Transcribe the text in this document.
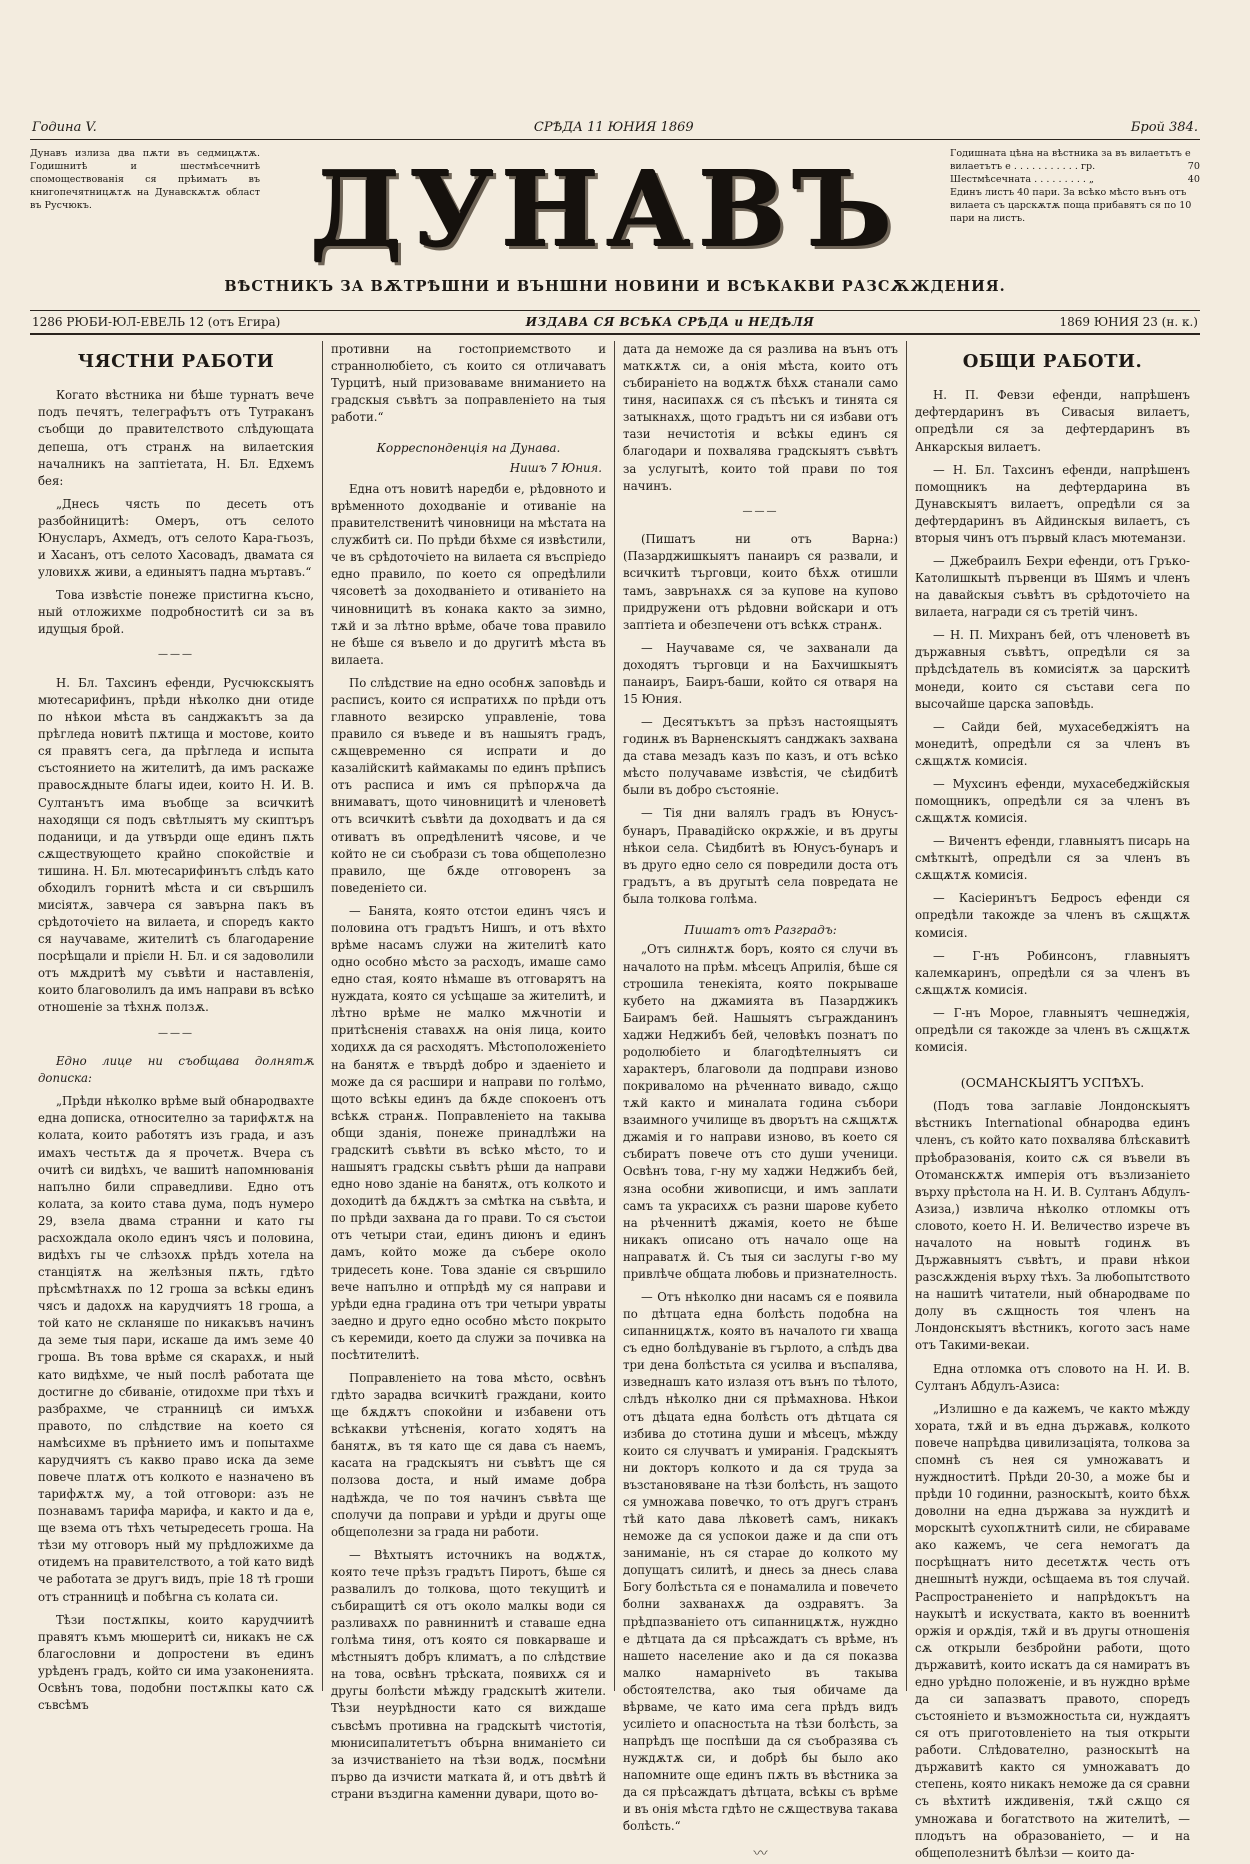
Година V.	СРѢДА 11 ЮНИЯ 1869	Брой 384.
Дунавъ излиза два пѫти въ седмицѫтѫ. Годишнитѣ и шестмѣсечнитѣ спомоществованія ся прѣиматъ въ книгопечятницѫтѫ на Дунавскѫтѫ област въ Русчюкъ.	ДУНАВЪ	Годишната цѣна на вѣстника за въ вилаетътъ е
вилаетътъ е . . . . . . . . . . . гр.	70
Шестмѣсечната . . . . . . . . . „	40
Единъ листъ 40 пари. За всѣко мѣсто вънъ отъ вилаета съ царскѫтѫ поща прибавятъ ся по 10 пари на листъ.
ВѢСТНИКЪ ЗА ВѪТРѢШНИ И ВЪНШНИ НОВИНИ И ВСѢКАКВИ РАЗСѪЖДЕНИЯ.
1286 РЮБИ-ЮЛ-ЕВЕЛЬ 12 (отъ Егира)	ИЗДАВА СЯ ВСѢКА СРѢДА и НЕДѢЛЯ	1869 ЮНИЯ 23 (н. к.)
ЧЯСТНИ РАБОТИ

Когато вѣстника ни бѣше турнатъ вече подъ печятъ, телеграфътъ отъ Тутраканъ съобщи до правителството слѣдующата депеша, отъ странѫ на вилаетския началникъ на заптіетата, Н. Бл. Едхемъ бея:

„Днесь чясть по десеть отъ разбойницитѣ: Омеръ, отъ селото Юнусларъ, Ахмедъ, отъ селото Кара-гьозъ, и Хасанъ, отъ селото Хасовадъ, двамата ся уловихѫ живи, а единыятъ падна мъртавъ.“

Това извѣстіе понеже пристигна късно, ный отложихме подробноститѣ си за въ идущыя брой.

———

Н. Бл. Тахсинъ ефенди, Русчюкскыятъ мютесарифинъ, прѣди нѣколко дни отиде по нѣкои мѣста въ санджакътъ за да прѣгледа новитѣ пѫтища и мостове, които ся правятъ сега, да прѣгледа и испыта състоянието на жителитѣ, да имъ раскаже правосѫдныте благы идеи, които Н. И. В. Султанътъ има въобще за всичкитѣ находящи ся подъ свѣтлыятъ му скиптъръ поданици, и да утвърди още единъ пѫть сѫществующето крайно спокойствіе и тишина. Н. Бл. мютесарифинътъ слѣдъ като обходилъ горнитѣ мѣста и си свършилъ мисіятѫ, завчера ся завърна пакъ въ срѣдоточіето на вилаета, и споредъ както ся научаваме, жителитѣ съ благодарение посрѣщали и прієли Н. Бл. и ся задоволили отъ мѫдритѣ му съвѣти и наставленія, които благоволилъ да имъ направи въ всѣко отношеніе за тѣхнѫ ползѫ.

———

Едно лице ни съобщава долнятѫ дописка:

„Прѣди нѣколко врѣме вый обнародвахте една дописка, относително за тарифѫтѫ на колата, които работятъ изъ града, и азъ имахъ честьтѫ да я прочетѫ. Вчера съ очитѣ си видѣхъ, че вашитѣ напомнюванія напълно били справедливи. Едно отъ колата, за които става дума, подъ нумеро 29, взела двама странни и като гы расхождала около единъ чясъ и половина, видѣхъ гы че слѣзохѫ прѣдъ хотела на станцiятѫ на желѣзныя пѫть, гдѣто прѣсмѣтнахѫ по 12 гроша за всѣкы единъ чясъ и дадохѫ на карудчиятъ 18 гроша, а той като не скланяше по никакъвъ начинъ да земе тыя пари, искаше да имъ земе 40 гроша. Въ това врѣме ся скарахѫ, и ный като видѣхме, че ный послѣ работата ще достигне до сбиваніе, отидохме при тѣхъ и разбрахме, че странницѣ си имъхѫ правото, по слѣдствие на което ся намѣсихме въ прѣнието имъ и попытахме карудчиятъ съ какво право иска да земе повече платѫ отъ колкото е назначено въ тарифѫтѫ му, а той отговори: азъ не познавамъ тарифа марифа, и както и да е, ще взема отъ тѣхъ четыредесеть гроша. На тѣзи му отговоръ ный му прѣдложихме да отидемъ на правителството, а той като видѣ че работата зе другъ видъ, пріе 18 тѣ гроши отъ странницѣ и побѣгна съ колата си.

Тѣзи постѫпкы, които карудчиитѣ правятъ къмъ мюшеритѣ си, никакъ не сѫ благословни и допростени въ единъ урѣденъ градъ, който си има узаконенията. Освѣнъ това, подобни постѫпкы като сѫ съвсѣмъ

противни на гостоприемството и страннолюбіето, съ които ся отличаватъ Турцитѣ, ный призоваваме вниманието на градскыя съвѣтъ за поправленіето на тыя работи.“

Корреспонденція на Дунава.

Нишъ 7 Юния.

Една отъ новитѣ наредби е, рѣдовното и врѣменното доходваніе и отиваніе на правителственитѣ чиновници на мѣстата на службитѣ си. По прѣди бѣхме ся извѣстили, че въ срѣдоточіето на вилаета ся въспріедо едно правило, по което ся опредѣлили чясоветѣ за доходванiето и отиванiето на чиновницитѣ въ конака както за зимно, тѫй и за лѣтно врѣме, обаче това правило не бѣше ся въвело и до другитѣ мѣста въ вилаета.

По слѣдствие на едно особнѫ заповѣдь и расписъ, които ся испратихѫ по прѣди отъ главното везирско управленіе, това правило ся въведе и въ нашыятъ градъ, сѫщевременно ся испрати и до казалійскитѣ каймакамы по единъ прѣписъ отъ расписа и имъ ся прѣпорѫча да внимаватъ, щото чиновницитѣ и членоветѣ отъ всичкитѣ съвѣти да доходватъ и да ся отиватъ въ опредѣленитѣ чясове, и че който не си съобрази съ това общеполезно правило, ще бѫде отговоренъ за поведеніето си.

— Банята, която отстои единъ чясъ и половина отъ градътъ Нишъ, и отъ вѣхто врѣме насамъ служи на жителитѣ като одно особно мѣсто за расходъ, имаше само едно стая, която нѣмаше въ отговарятъ на нуждата, която ся усѣщаше за жителитѣ, и лѣтно врѣме не малко мѫчнотіи и притѣсненія ставахѫ на онія лица, които ходихѫ да ся расходятъ. Мѣстоположеніето на банятѫ е твърдѣ добро и здаеніето и може да ся расшири и направи по голѣмо, щото всѣкы единъ да бѫде спокоенъ отъ всѣкѫ странѫ. Поправленіето на такыва общи зданія, понеже принадлѣжи на градскитѣ съвѣти въ всѣко мѣсто, то и нашыятъ градскы съвѣтъ рѣши да направи едно ново зданіе на банятѫ, отъ колкото и доходитѣ да бѫдѫтъ за смѣтка на съвѣта, и по прѣди захвана да го прави. То ся състои отъ четыри стаи, единъ диюнъ и единъ дамъ, който може да съберe около тридесеть коне. Това зданіе ся свършило вече напълно и отпрѣдѣ му ся направи и урѣди една градина отъ три четыри увраты заедно и друго едно особно мѣсто покрыто съ керемиди, което да служи за почивка на посѣтителитѣ.

Поправленіето на това мѣсто, освѣнъ гдѣто зарадва всичкитѣ граждани, които ще бѫдѫтъ спокойни и избавени отъ всѣкакви утѣсненія, когато ходятъ на банятѫ, въ тя като ще ся дава съ наемъ, касата на градскыятъ ни съвѣтъ ще ся ползова доста, и ный имаме добра надѣжда, че по тоя начинъ съвѣта ще сполучи да поправи и урѣди и другы още общеполезни за града ни работи.

— Вѣхтыятъ источникъ на водѫтѫ, която тече прѣзъ градътъ Пиротъ, бѣше ся развалилъ до толкова, щото текущитѣ и събиращитѣ ся отъ околo малкы води ся разливахѫ по равниннитѣ и ставаше една голѣма тиня, отъ която ся повкарваше и мѣстныятъ добръ климатъ, а по слѣдствие на това, освѣнъ трѣскатa, появихѫ ся и другы болѣсти мѣжду градскытѣ жители. Тѣзи неурѣдности като ся виждаше съвсѣмъ противна на градскытѣ чистотія, мюнисипалитетътъ обърна вниманіето си за изчистваніето на тѣзи водѫ, посмѣни първо да изчисти маткатa й, и отъ двѣтѣ й страни въздигна каменни дувари, щото во-

дата да неможе да ся разлива на вънъ отъ маткѫтѫ си, а онія мѣста, които отъ събираніето на водѫтѫ бѣхѫ станали само тиня, насипахѫ ся съ пѣсъкъ и тинята ся затыкнахѫ, щото градътъ ни ся избави отъ тази нечистотія и всѣкы единъ ся благодари и похвалява градскыятъ съвѣтъ за услугытѣ, които той прави по тоя начинъ.

———

(Пишатъ ни отъ Варна:) (Пазарджишкыятъ панаиръ ся развали, и всичкитѣ търговци, които бѣхѫ отишли тамъ, заврънахѫ ся за купове на купово придружени отъ рѣдовни войскари и отъ заптіета и обезпечени отъ всѣкѫ странѫ.

— Научаваме ся, че захванали да доходятъ търговци и на Бахчишкыятъ панаиръ, Баиръ-баши, който ся отваря на 15 Юния.

— Десятъкътъ за прѣзъ настоящыятъ годинѫ въ Варненскыятъ санджакъ захвана да става мезадъ казъ по казъ, и отъ всѣко мѣсто получаваме извѣстія, че сѣидбитѣ были въ добро състояніе.

— Тія дни валялъ градъ въ Юнусъ-бунаръ, Правадійско окрѫжіе, и въ другы нѣкои села. Сѣидбитѣ въ Юнусъ-бунаръ и въ друго едно село ся повредили доста отъ градътъ, а въ другытѣ села повредата не была толкова голѣма.

Пишатъ отъ Разградъ:

„Отъ силнѫтѫ боръ, която ся случи въ началото на прѣм. мѣсецъ Априлія, бѣше ся строшила тенекіята, която покрываше кубето на джамията въ Пазарджикъ Баирамъ бей. Нашыятъ съграждaнинъ хаджи Неджибъ бей, человѣкъ познатъ по родолюбіето и благодѣтелныятъ си характеръ, благоволи да подправи изново покриваломо на рѣченнато вивадо, сѫщо тѫй както и миналата година събори взаимного училище въ дворътъ на сѫщѫтѫ джамія и го направи изново, въ което ся събиратъ повече отъ сто души ученици. Освѣнъ това, г-ну му хаджи Неджибъ бей, язна особни живописци, и имъ заплати самъ та украсихѫ съ разни шарове кубето на рѣченнитѣ джамія, което не бѣше никакъ описано отъ начало още на направатѫ й. Съ тыя си заслугы г-во му привлѣче общата любовь и признателность.

— Отъ нѣколко дни насамъ ся е появила по дѣтцата една болѣсть подобна на сипанницѫтѫ, която въ началото ги хваща съ едно болѣдуваніе въ гърлото, а слѣдъ два три дена болѣстьта ся усилва и въспалява, изведнашъ като излазя отъ вънъ по тѣлото, слѣдъ нѣколко дни ся прѣмахнова. Нѣкои отъ дѣцата една болѣсть отъ дѣтцата ся избива до стотина души и мѣсецъ, мѣжду които ся случватъ и умиранія. Градскыятъ ни докторъ колкото и да ся трудa за възстановяване на тѣзи болѣсть, нъ защото ся умножава повечко, то отъ другъ странъ тѣй като дава лѣковетѣ самъ, никакъ неможе да ся успокои даже и да спи отъ заниманіе, нъ ся старае до колкото му допущатъ силитѣ, и днесь за днесь слава Богу болѣстьта ся е понамалила и повечето болни захванахѫ да оздравятъ. За прѣдпазваніето отъ сипанницѫтѫ, нуждно е дѣтцата да ся прѣсаждатъ съ врѣме, нъ нашето население ако и да ся показва малко намарнivetо въ такыва обстоятелства, ако тыя обичаме да вѣрваме, че като има сега прѣдъ видъ усиліето и опасностьта на тѣзи болѣсть, за напрѣдъ ще поспѣши да ся съобразява съ нуждѫтѫ си, и добрѣ бы было ако напомните още единъ пѫть въ вѣстника за да ся прѣсаждатъ дѣтцата, всѣкы съ врѣме и въ онія мѣста гдѣто не сѫществува такава болѣсть.“

〰
ОБЩИ РАБОТИ.

Н. П. Февзи ефенди, напрѣшенъ дефтердаринъ въ Сивасыя вилаетъ, опредѣли ся за дефтердаринъ въ Анкарскыя вилаетъ.

— Н. Бл. Тахсинъ ефенди, напрѣшенъ помощникъ на дефтердарина въ Дунавскыятъ вилаетъ, опредѣли ся за дефтердаринъ въ Айдинскыя вилаетъ, съ вторыя чинъ отъ първый класъ мютеманзи.

— Джебраилъ Бехри ефенди, отъ Гръко-Католишкытѣ първенци въ Шямъ и членъ на давайскыя съвѣтъ въ срѣдоточіето на вилаета, награди ся съ третій чинъ.

— Н. П. Михранъ бей, отъ членоветѣ въ държавныя съвѣтъ, опредѣли ся за прѣдсѣдатель въ комисіятѫ за царскитѣ монеди, които ся състави сега по высочайше царска заповѣдь.

— Сайди бей, мухасебеджіятъ на монедитѣ, опредѣли ся за членъ въ сѫщѫтѫ комисія.

— Мухсинъ ефенди, мухасебеджійскыя помощникъ, опредѣли ся за членъ въ сѫщѫтѫ комисія.

— Вичентъ ефенди, главныятъ писарь на смѣткытѣ, опредѣли ся за членъ въ сѫщѫтѫ комисія.

— Касіеринътъ Бедросъ ефенди ся опредѣли такожде за членъ въ сѫщѫтѫ комисія.

— Г-нъ Робинсонъ, главныятъ калемкаринъ, опредѣли ся за членъ въ сѫщѫтѫ комисія.

— Г-нъ Мороe, главныятъ чешнеджія, опредѣли ся такожде за членъ въ сѫщѫтѫ комисія.

(ОСМАНСКЫЯТЪ УСПѢХЪ.

(Подъ това заглавіе Лондонскыятъ вѣстникъ International обнародва единъ членъ, съ който като похвалява блѣскавитѣ прѣобразованія, които сѫ ся въвели въ Отоманскѫтѫ имперія отъ възлизаніето върху прѣстола на Н. И. В. Султанъ Абдулъ-Азиза,) извлича нѣколко отломкы отъ словото, което Н. И. Величество изрече въ началото на новытѣ годинѫ въ Държавныятъ съвѣтъ, и прави нѣкои разсѫжденія върху тѣхъ. За любопытството на нашитѣ читатели, ный обнародваме по долу въ сѫщность тоя членъ на Лондонскыятъ вѣстникъ, когото засъ наме отъ Такими-векаи.

Една отломка отъ словото на Н. И. В. Султанъ Абдулъ-Азиса:

„Излишно е да кажемъ, че както мѣжду хората, тѫй и въ една държавѫ, колкото повече напрѣдва цивилизаціята, толкова за спомнѣ съ нея ся умножаватъ и нуждноститѣ. Прѣди 20-30, а може бы и прѣди 10 годинни, разноскытѣ, които бѣхѫ доволни на една държава за нуждитѣ и морскытѣ сухопѫтнитѣ сили, не сбираваме ако кажемъ, че сега немогатъ да посрѣщнатъ нито десетѫтѫ честь отъ днешнытѣ нужди, осѣщаема въ тоя случай. Распространеніето и напрѣдокътъ на наукытѣ и искуствата, както въ военнитѣ оржія и орѫдія, тѫй и въ другы отношенія сѫ открыли безбройни работи, щото държавитѣ, които искатъ да ся намиратъ въ едно урѣдно положеніе, и въ нуждно врѣме да си запазватъ правото, споредъ състояніето и възможностьта си, нуждаятъ ся отъ приготовленіето на тыя открыти работи. Слѣдователно, разноскытѣ на държавитѣ както ся умножаватъ до степень, която никакъ неможе да ся сравни съ вѣхтитѣ иждивенія, тѫй сѫщо ся умножава и богатството на жителитѣ, — плодътъ на образованіето, — и на общеполезнитѣ бѣлѣзи — които да-
